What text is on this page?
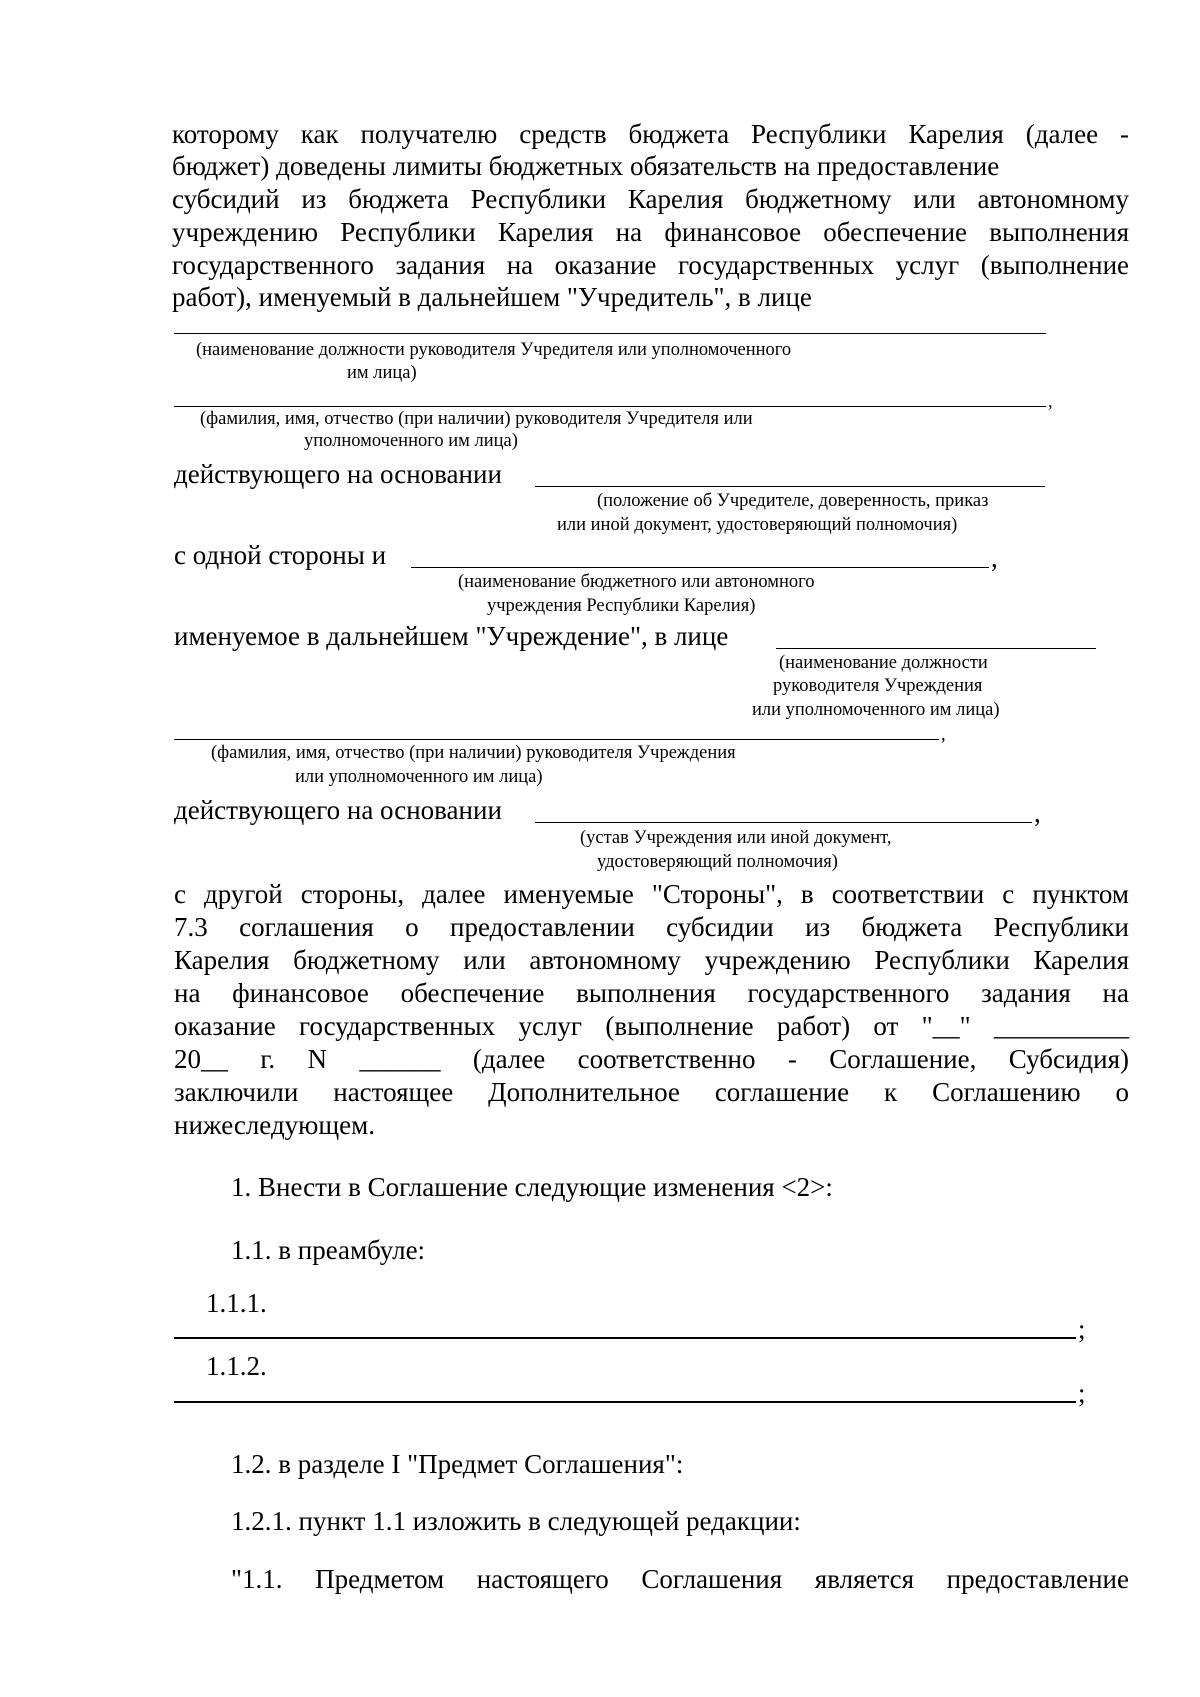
которому как получателю средств бюджета Республики Карелия (далее -
бюджет) доведены лимиты бюджетных обязательств на предоставление
субсидий из бюджета Республики Карелия бюджетному или автономному
учреждению Республики Карелия на финансовое обеспечение выполнения
государственного задания на оказание государственных услуг (выполнение
работ), именуемый в дальнейшем "Учредитель", в лице
(наименование должности руководителя Учредителя или уполномоченного
им лица)
,
(фамилия, имя, отчество (при наличии) руководителя Учредителя или
уполномоченного им лица)
действующего на основании
(положение об Учредителе, доверенность, приказ
или иной документ, удостоверяющий полномочия)
с одной стороны и	,
(наименование бюджетного или автономного
учреждения Республики Карелия)
именуемое в дальнейшем "Учреждение", в лице
(наименование должности
руководителя Учреждения
или уполномоченного им лица)
,
(фамилия, имя, отчество (при наличии) руководителя Учреждения
или уполномоченного им лица)
действующего на основании	,
(устав Учреждения или иной документ,
удостоверяющий полномочия)
с другой стороны, далее именуемые "Стороны", в соответствии с пунктом
7.3 соглашения о предоставлении субсидии из бюджета Республики
Карелия бюджетному или автономному учреждению Республики Карелия
на финансовое обеспечение выполнения государственного задания на
оказание государственных услуг (выполнение работ) от "__" __________
20__ г. N ______ (далее соответственно - Соглашение, Субсидия)
заключили настоящее Дополнительное соглашение к Соглашению о
нижеследующем.
1. Внести в Соглашение следующие изменения <2>:
1.1. в преамбуле:
1.1.1.
;
1.1.2.
;
1.2. в разделе I "Предмет Соглашения":
1.2.1. пункт 1.1 изложить в следующей редакции:
"1.1. Предметом настоящего Соглашения является предоставление
